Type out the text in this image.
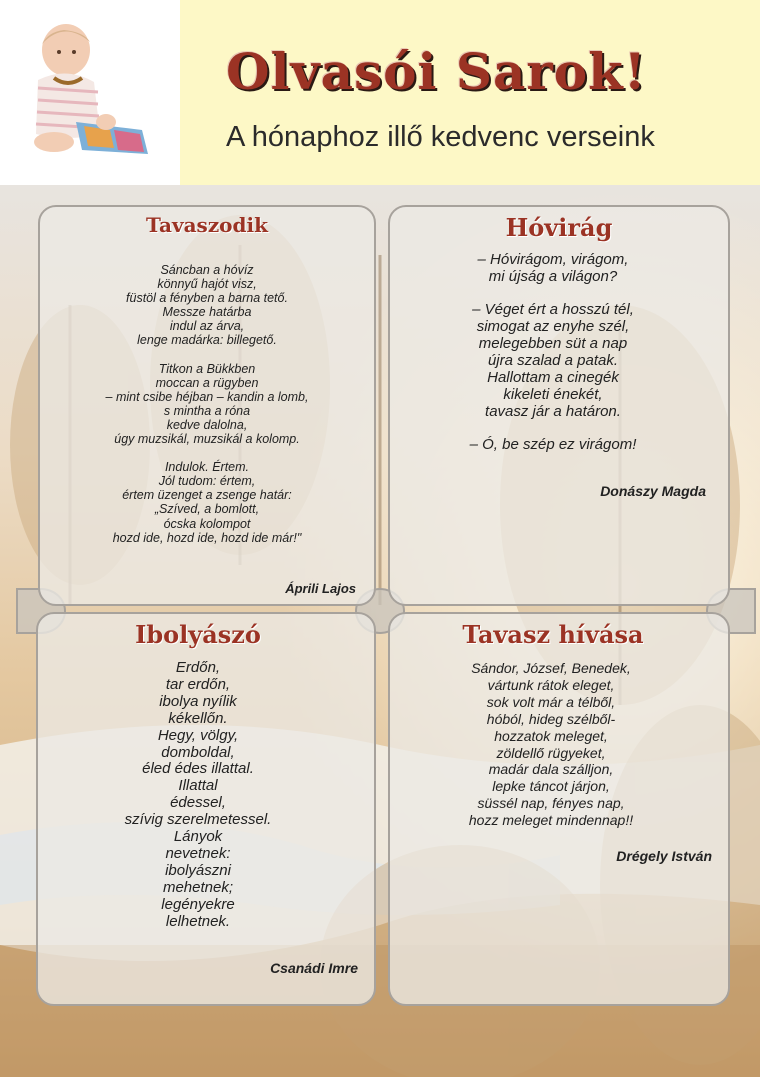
Olvasói Sarok!
A hónaphoz illő kedvenc verseink
Tavaszodik

Sáncban a hóvíz
könnyű hajót visz,
füstöl a fényben a barna tető.
Messze határba
indul az árva,
lenge madárka: billegető.

Titkon a Bükkben
moccan a rügyben
– mint csibe héjban – kandin a lomb,
s mintha a róna
kedve dalolna,
úgy muzsikál, muzsikál a kolomp.

Indulok. Értem.
Jól tudom: értem,
értem üzenget a zsenge határ:
„Szíved, a bomlott,
ócska kolompot
hozd ide, hozd ide, hozd ide már!"

Áprili Lajos
Hóvirág

– Hóvirágom, virágom,
mi újság a világon?

– Véget ért a hosszú tél,
simogat az enyhe szél,
melegebben süt a nap
újra szalad a patak.
Hallottam a cinegék
kikeleti énekét,
tavasz jár a határon.

– Ó, be szép ez virágom!

Donászy Magda
Ibolyászó

Erdőn,
tar erdőn,
ibolya nyílik
kékellőn.
Hegy, völgy,
domboldal,
éled édes illattal.
Illattal
édessel,
szívig szerelmetessel.
Lányok
nevetnek:
ibolyászni
mehetnek;
legényekre
lelhetnek.

Csanádi Imre
Tavasz hívása

Sándor, József, Benedek,
vártunk rátok eleget,
sok volt már a télből,
hóból, hideg szélből-
hozzatok meleget,
zöldellő rügyeket,
madár dala szálljon,
lepke táncot járjon,
süssél nap, fényes nap,
hozz meleget mindennap!!

Drégely István
